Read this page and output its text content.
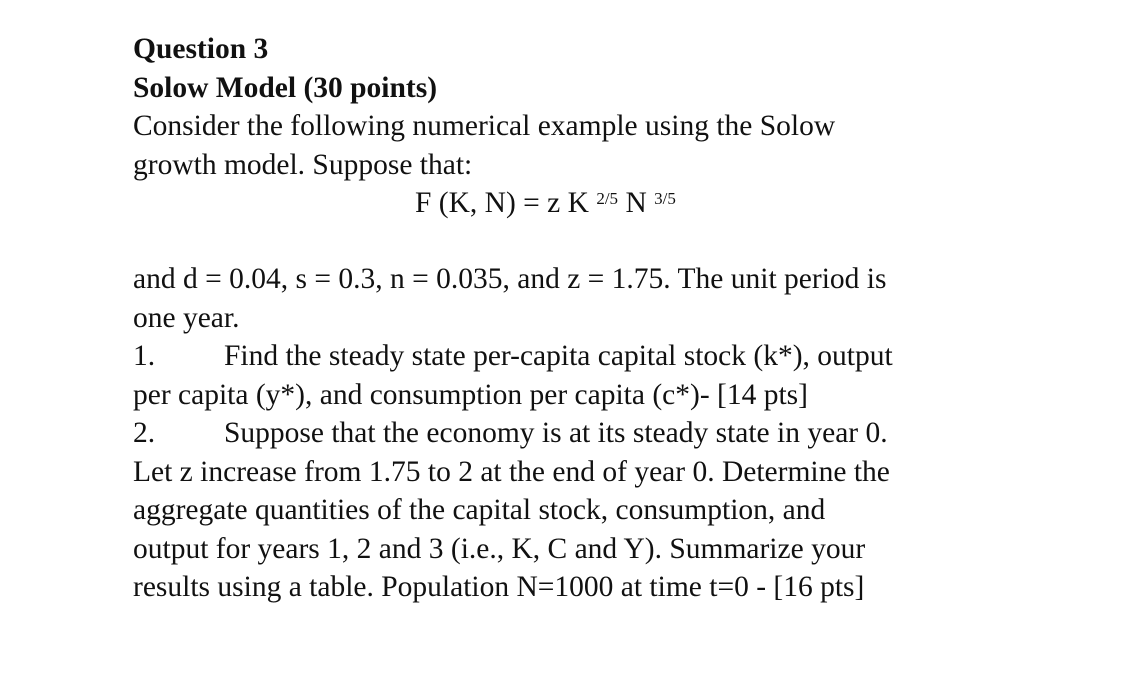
Question 3
Solow Model (30 points)
Consider the following numerical example using the Solow
growth model. Suppose that:
F (K, N) = z K $^{2/5}$ N $^{3/5}$
and d = 0.04, s = 0.3, n = 0.035, and z = 1.75. The unit period is
one year.
1. Find the steady state per-capita capital stock (k*), output
per capita (y*), and consumption per capita (c*)- [14 pts]
2. Suppose that the economy is at its steady state in year 0.
Let z increase from 1.75 to 2 at the end of year 0. Determine the
aggregate quantities of the capital stock, consumption, and
output for years 1, 2 and 3 (i.e., K, C and Y). Summarize your
results using a table. Population N=1000 at time t=0 - [16 pts]
